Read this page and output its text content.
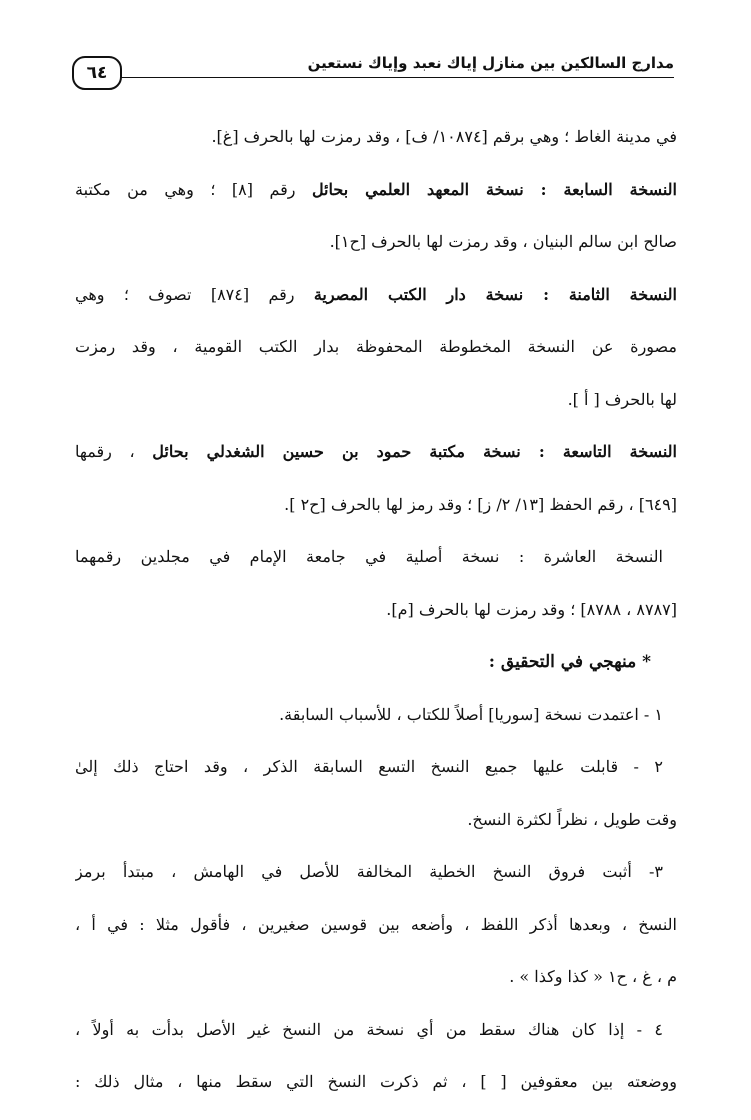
مدارج السالكين بين منازل إياك نعبد وإياك نستعين
٦٤
في مدينة الغاط ؛ وهي برقم [١٠٨٧٤/ ف] ، وقد رمزت لها بالحرف [غ].
النسخة السابعة : نسخة المعهد العلمي بحائل رقم [٨] ؛ وهي من مكتبة
صالح ابن سالم البنيان ، وقد رمزت لها بالحرف [ح١].
النسخة الثامنة : نسخة دار الكتب المصرية رقم [٨٧٤] تصوف ؛ وهي
مصورة عن النسخة المخطوطة المحفوظة بدار الكتب القومية ، وقد رمزت
لها بالحرف [ أ ].
النسخة التاسعة : نسخة مكتبة حمود بن حسين الشغدلي بحائل ، رقمها
[٦٤٩] ، رقم الحفظ [١٣/ ٢/ ز] ؛ وقد رمز لها بالحرف [ح٢ ].
النسخة العاشرة : نسخة أصلية في جامعة الإمام في مجلدين رقمهما
[٨٧٨٧ ، ٨٧٨٨] ؛ وقد رمزت لها بالحرف [م].
* منهجي في التحقيق :
١ - اعتمدت نسخة [سوريا] أصلاً للكتاب ، للأسباب السابقة.
٢ - قابلت عليها جميع النسخ التسع السابقة الذكر ، وقد احتاج ذلك إلىٰ
وقت طويل ، نظراً لكثرة النسخ.
٣- أثبت فروق النسخ الخطية المخالفة للأصل في الهامش ، مبتدأ برمز
النسخ ، وبعدها أذكر اللفظ ، وأضعه بين قوسين صغيرين ، فأقول مثلا : في أ ،
م ، غ ، ح١ « كذا وكذا » .
٤ - إذا كان هناك سقط من أي نسخة من النسخ غير الأصل بدأت به أولاً ،
ووضعته بين معقوفين [ ] ، ثم ذكرت النسخ التي سقط منها ، مثال ذلك :
